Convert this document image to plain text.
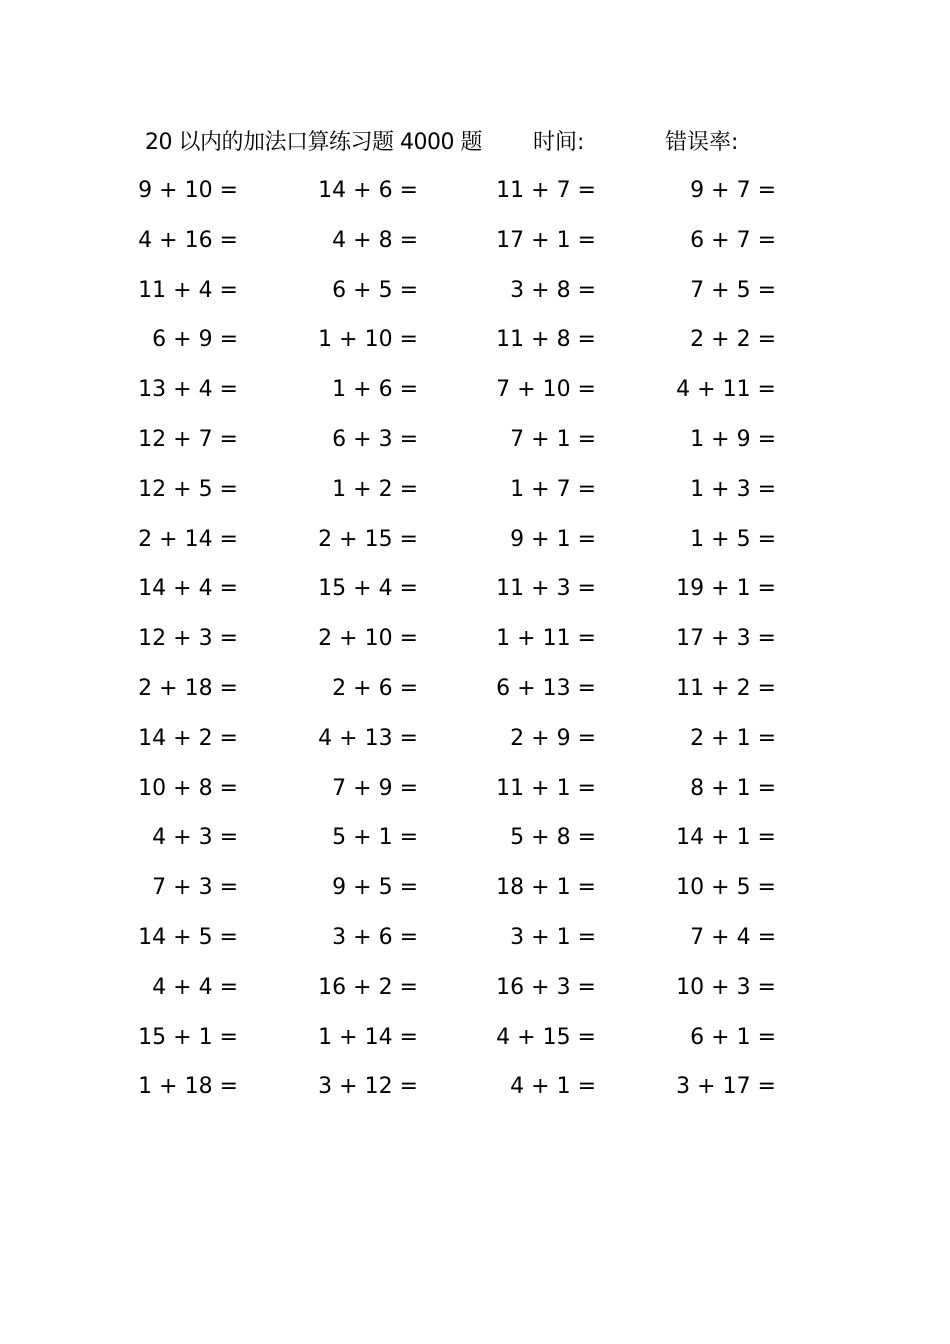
20 以内的加法口算练习题 4000 题 时间:	错误率:
9 + 10 =	14 + 6 =	11 + 7 =	9 + 7 =
4 + 16 =	4 + 8 =	17 + 1 =	6 + 7 =
11 + 4 =	6 + 5 =	3 + 8 =	7 + 5 =
6 + 9 =	1 + 10 =	11 + 8 =	2 + 2 =
13 + 4 =	1 + 6 =	7 + 10 =	4 + 11 =
12 + 7 =	6 + 3 =	7 + 1 =	1 + 9 =
12 + 5 =	1 + 2 =	1 + 7 =	1 + 3 =
2 + 14 =	2 + 15 =	9 + 1 =	1 + 5 =
14 + 4 =	15 + 4 =	11 + 3 =	19 + 1 =
12 + 3 =	2 + 10 =	1 + 11 =	17 + 3 =
2 + 18 =	2 + 6 =	6 + 13 =	11 + 2 =
14 + 2 =	4 + 13 =	2 + 9 =	2 + 1 =
10 + 8 =	7 + 9 =	11 + 1 =	8 + 1 =
4 + 3 =	5 + 1 =	5 + 8 =	14 + 1 =
7 + 3 =	9 + 5 =	18 + 1 =	10 + 5 =
14 + 5 =	3 + 6 =	3 + 1 =	7 + 4 =
4 + 4 =	16 + 2 =	16 + 3 =	10 + 3 =
15 + 1 =	1 + 14 =	4 + 15 =	6 + 1 =
1 + 18 =	3 + 12 =	4 + 1 =	3 + 17 =
